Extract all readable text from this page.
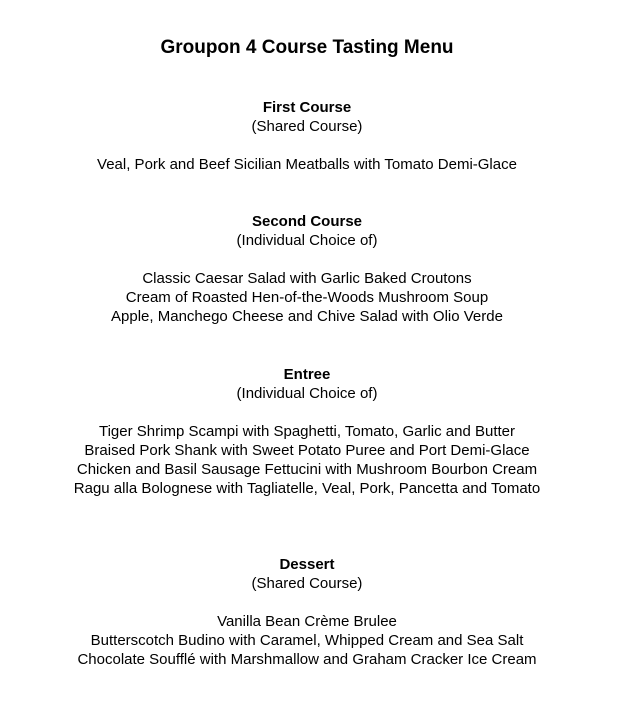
Groupon 4 Course Tasting Menu

First Course

(Shared Course)

Veal, Pork and Beef Sicilian Meatballs with Tomato Demi-Glace

Second Course

(Individual Choice of)

Classic Caesar Salad with Garlic Baked Croutons
Cream of Roasted Hen-of-the-Woods Mushroom Soup
Apple, Manchego Cheese and Chive Salad with Olio Verde

Entree

(Individual Choice of)

Tiger Shrimp Scampi with Spaghetti, Tomato, Garlic and Butter
Braised Pork Shank with Sweet Potato Puree and Port Demi-Glace
Chicken and Basil Sausage Fettucini with Mushroom Bourbon Cream
Ragu alla Bolognese with Tagliatelle, Veal, Pork, Pancetta and Tomato

Dessert

(Shared Course)

Vanilla Bean Crème Brulee
Butterscotch Budino with Caramel, Whipped Cream and Sea Salt
Chocolate Soufflé with Marshmallow and Graham Cracker Ice Cream
